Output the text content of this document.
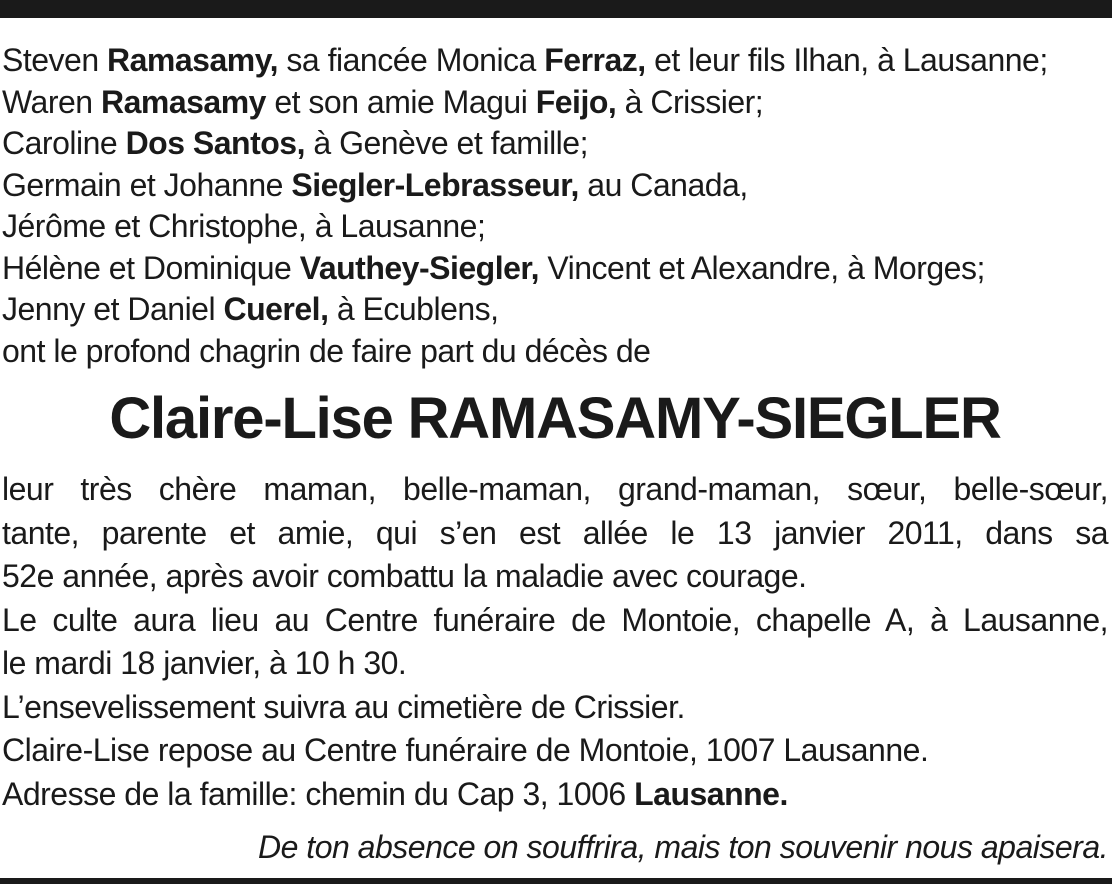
Steven Ramasamy, sa fiancée Monica Ferraz, et leur fils Ilhan, à Lausanne;
Waren Ramasamy et son amie Magui Feijo, à Crissier;
Caroline Dos Santos, à Genève et famille;
Germain et Johanne Siegler-Lebrasseur, au Canada,
Jérôme et Christophe, à Lausanne;
Hélène et Dominique Vauthey-Siegler, Vincent et Alexandre, à Morges;
Jenny et Daniel Cuerel, à Ecublens,
ont le profond chagrin de faire part du décès de
Claire-Lise RAMASAMY-SIEGLER
leur très chère maman, belle-maman, grand-maman, sœur, belle-sœur,
tante, parente et amie, qui s’en est allée le 13 janvier 2011, dans sa
52e année, après avoir combattu la maladie avec courage.
Le culte aura lieu au Centre funéraire de Montoie, chapelle A, à Lausanne,
le mardi 18 janvier, à 10 h 30.
L’ensevelissement suivra au cimetière de Crissier.
Claire-Lise repose au Centre funéraire de Montoie, 1007 Lausanne.
Adresse de la famille: chemin du Cap 3, 1006 Lausanne.
De ton absence on souffrira, mais ton souvenir nous apaisera.
